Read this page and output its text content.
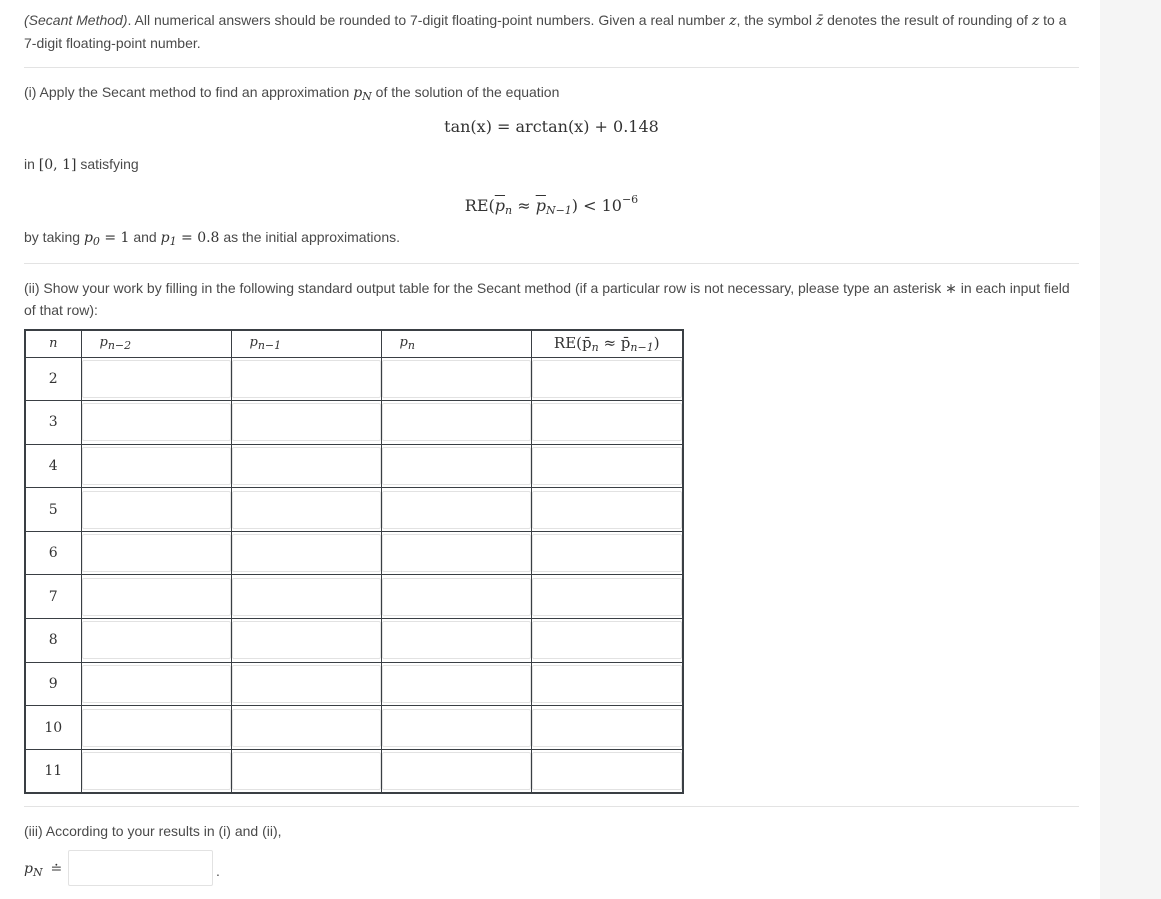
(Secant Method). All numerical answers should be rounded to 7-digit floating-point numbers. Given a real number z, the symbol z̄ denotes the result of rounding of z to a 7-digit floating-point number.
(i) Apply the Secant method to find an approximation $p_N$ of the solution of the equation
tan(x) = arctan(x) + 0.148
in [0, 1] satisfying
$RE(\overline{p}_n \approx \overline{p}_{N-1}) < 10^{-6}$
by taking $p_0 = 1$ and $p_1 = 0.8$ as the initial approximations.
(ii) Show your work by filling in the following standard output table for the Secant method (if a particular row is not necessary, please type an asterisk ∗ in each input field of that row):
n	$p_{n-2}$	$p_{n-1}$	$p_n$	$RE(p̄_n$ ≈ $p̄_{n-1}$)
2				
3				
4				
5				
6				
7				
8				
9				
10				
11				
(iii) According to your results in (i) and (ii),
$p_N$ ≐	.
